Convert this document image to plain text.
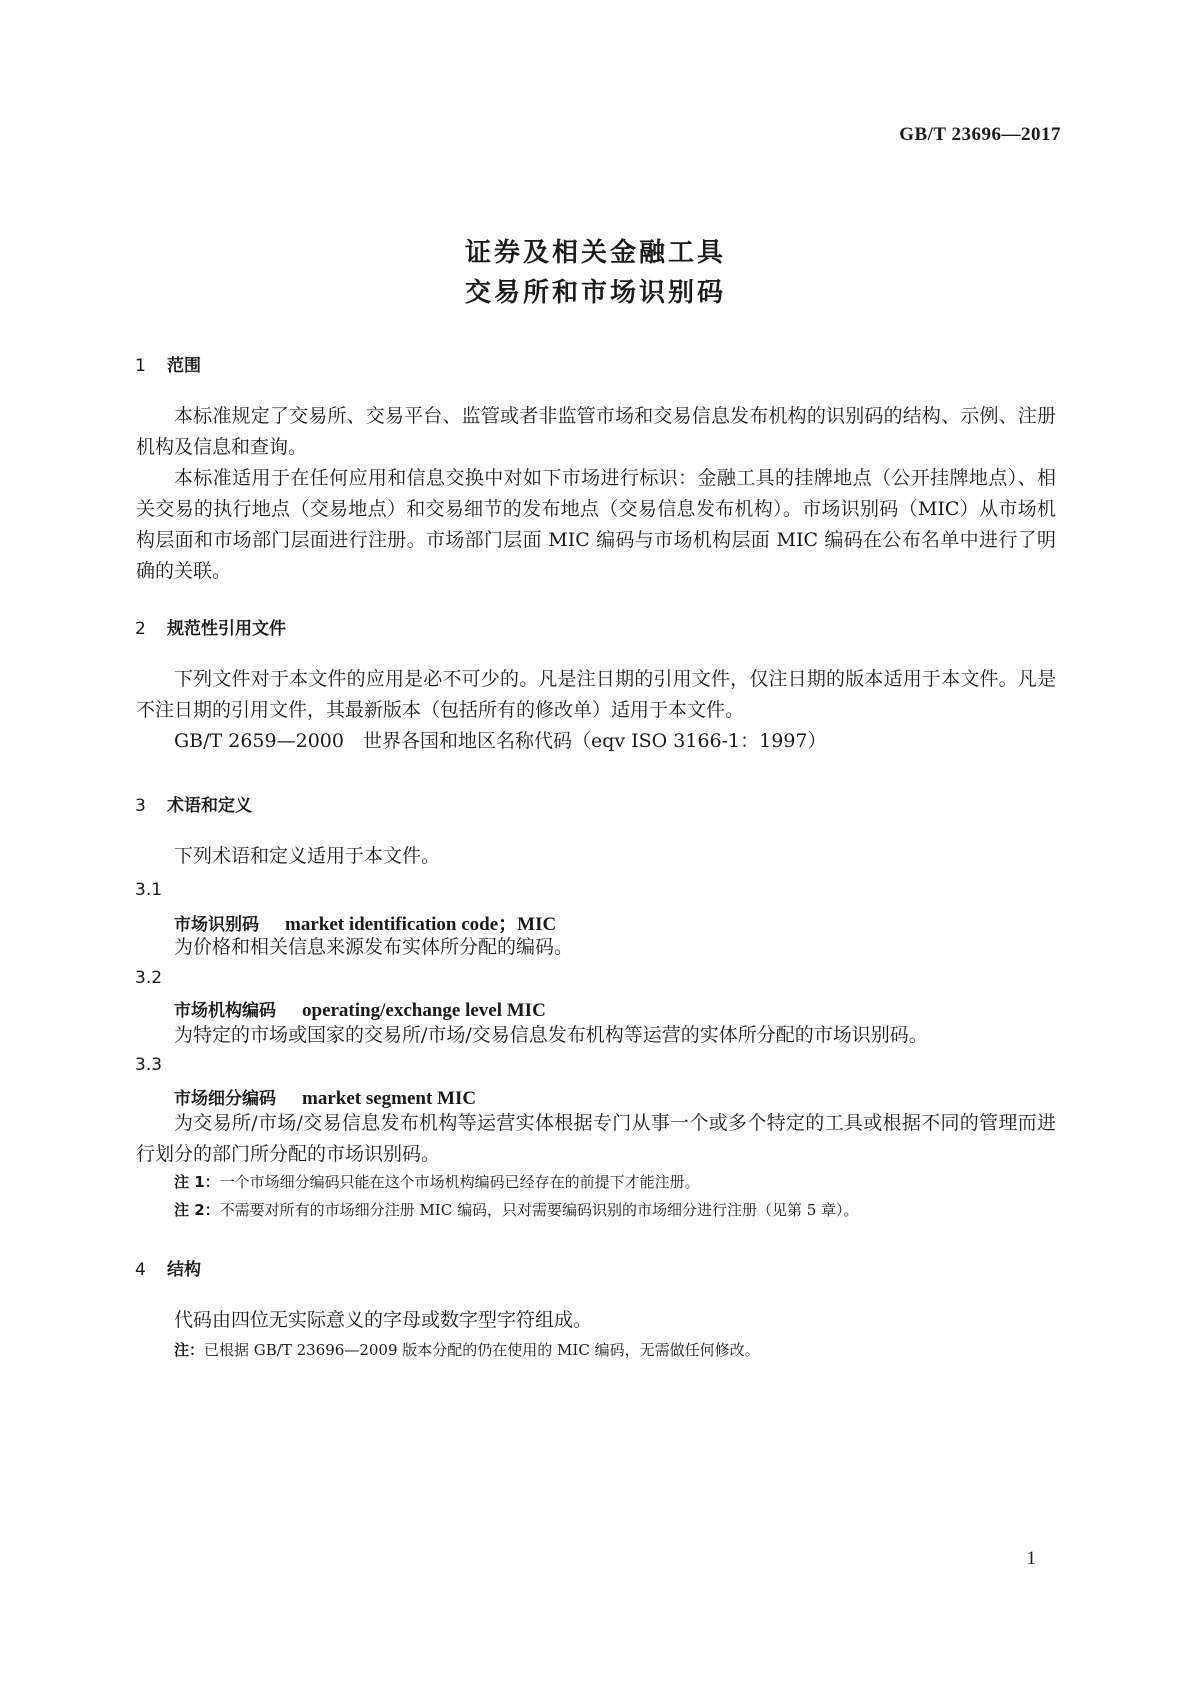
GB/T 23696—2017
证券及相关金融工具
交易所和市场识别码
1 范围
本标准规定了交易所、交易平台、监管或者非监管市场和交易信息发布机构的识别码的结构、示例、注册机构及信息和查询。
本标准适用于在任何应用和信息交换中对如下市场进行标识：金融工具的挂牌地点（公开挂牌地点）、相关交易的执行地点（交易地点）和交易细节的发布地点（交易信息发布机构）。市场识别码（MIC）从市场机构层面和市场部门层面进行注册。市场部门层面 MIC 编码与市场机构层面 MIC 编码在公布名单中进行了明确的关联。
2 规范性引用文件
下列文件对于本文件的应用是必不可少的。凡是注日期的引用文件，仅注日期的版本适用于本文件。凡是不注日期的引用文件，其最新版本（包括所有的修改单）适用于本文件。
GB/T 2659—2000　世界各国和地区名称代码（eqv ISO 3166-1：1997）
3 术语和定义
下列术语和定义适用于本文件。
3.1
市场识别码 market identification code；MIC
为价格和相关信息来源发布实体所分配的编码。
3.2
市场机构编码 operating/exchange level MIC
为特定的市场或国家的交易所/市场/交易信息发布机构等运营的实体所分配的市场识别码。
3.3
市场细分编码 market segment MIC
为交易所/市场/交易信息发布机构等运营实体根据专门从事一个或多个特定的工具或根据不同的管理而进行划分的部门所分配的市场识别码。
注 1：一个市场细分编码只能在这个市场机构编码已经存在的前提下才能注册。
注 2：不需要对所有的市场细分注册 MIC 编码，只对需要编码识别的市场细分进行注册（见第 5 章）。
4 结构
代码由四位无实际意义的字母或数字型字符组成。
注：已根据 GB/T 23696—2009 版本分配的仍在使用的 MIC 编码，无需做任何修改。
1
